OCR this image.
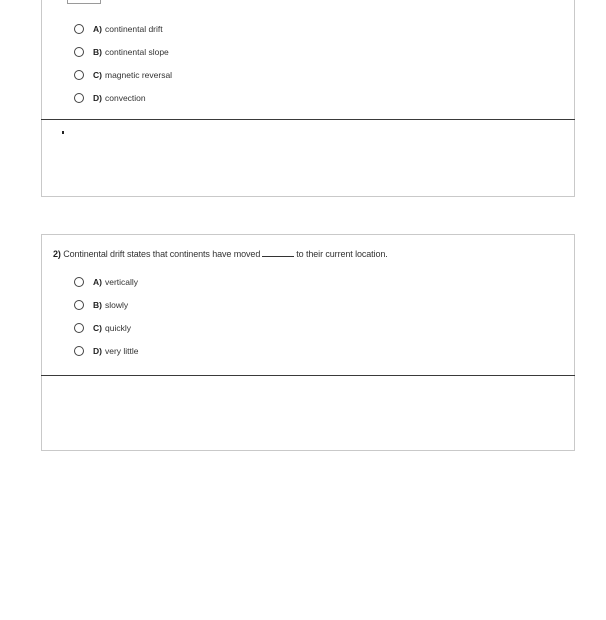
A) continental drift
B) continental slope
C) magnetic reversal
D) convection
2) Continental drift states that continents have moved	to their current location.
A) vertically
B) slowly
C) quickly
D) very little
